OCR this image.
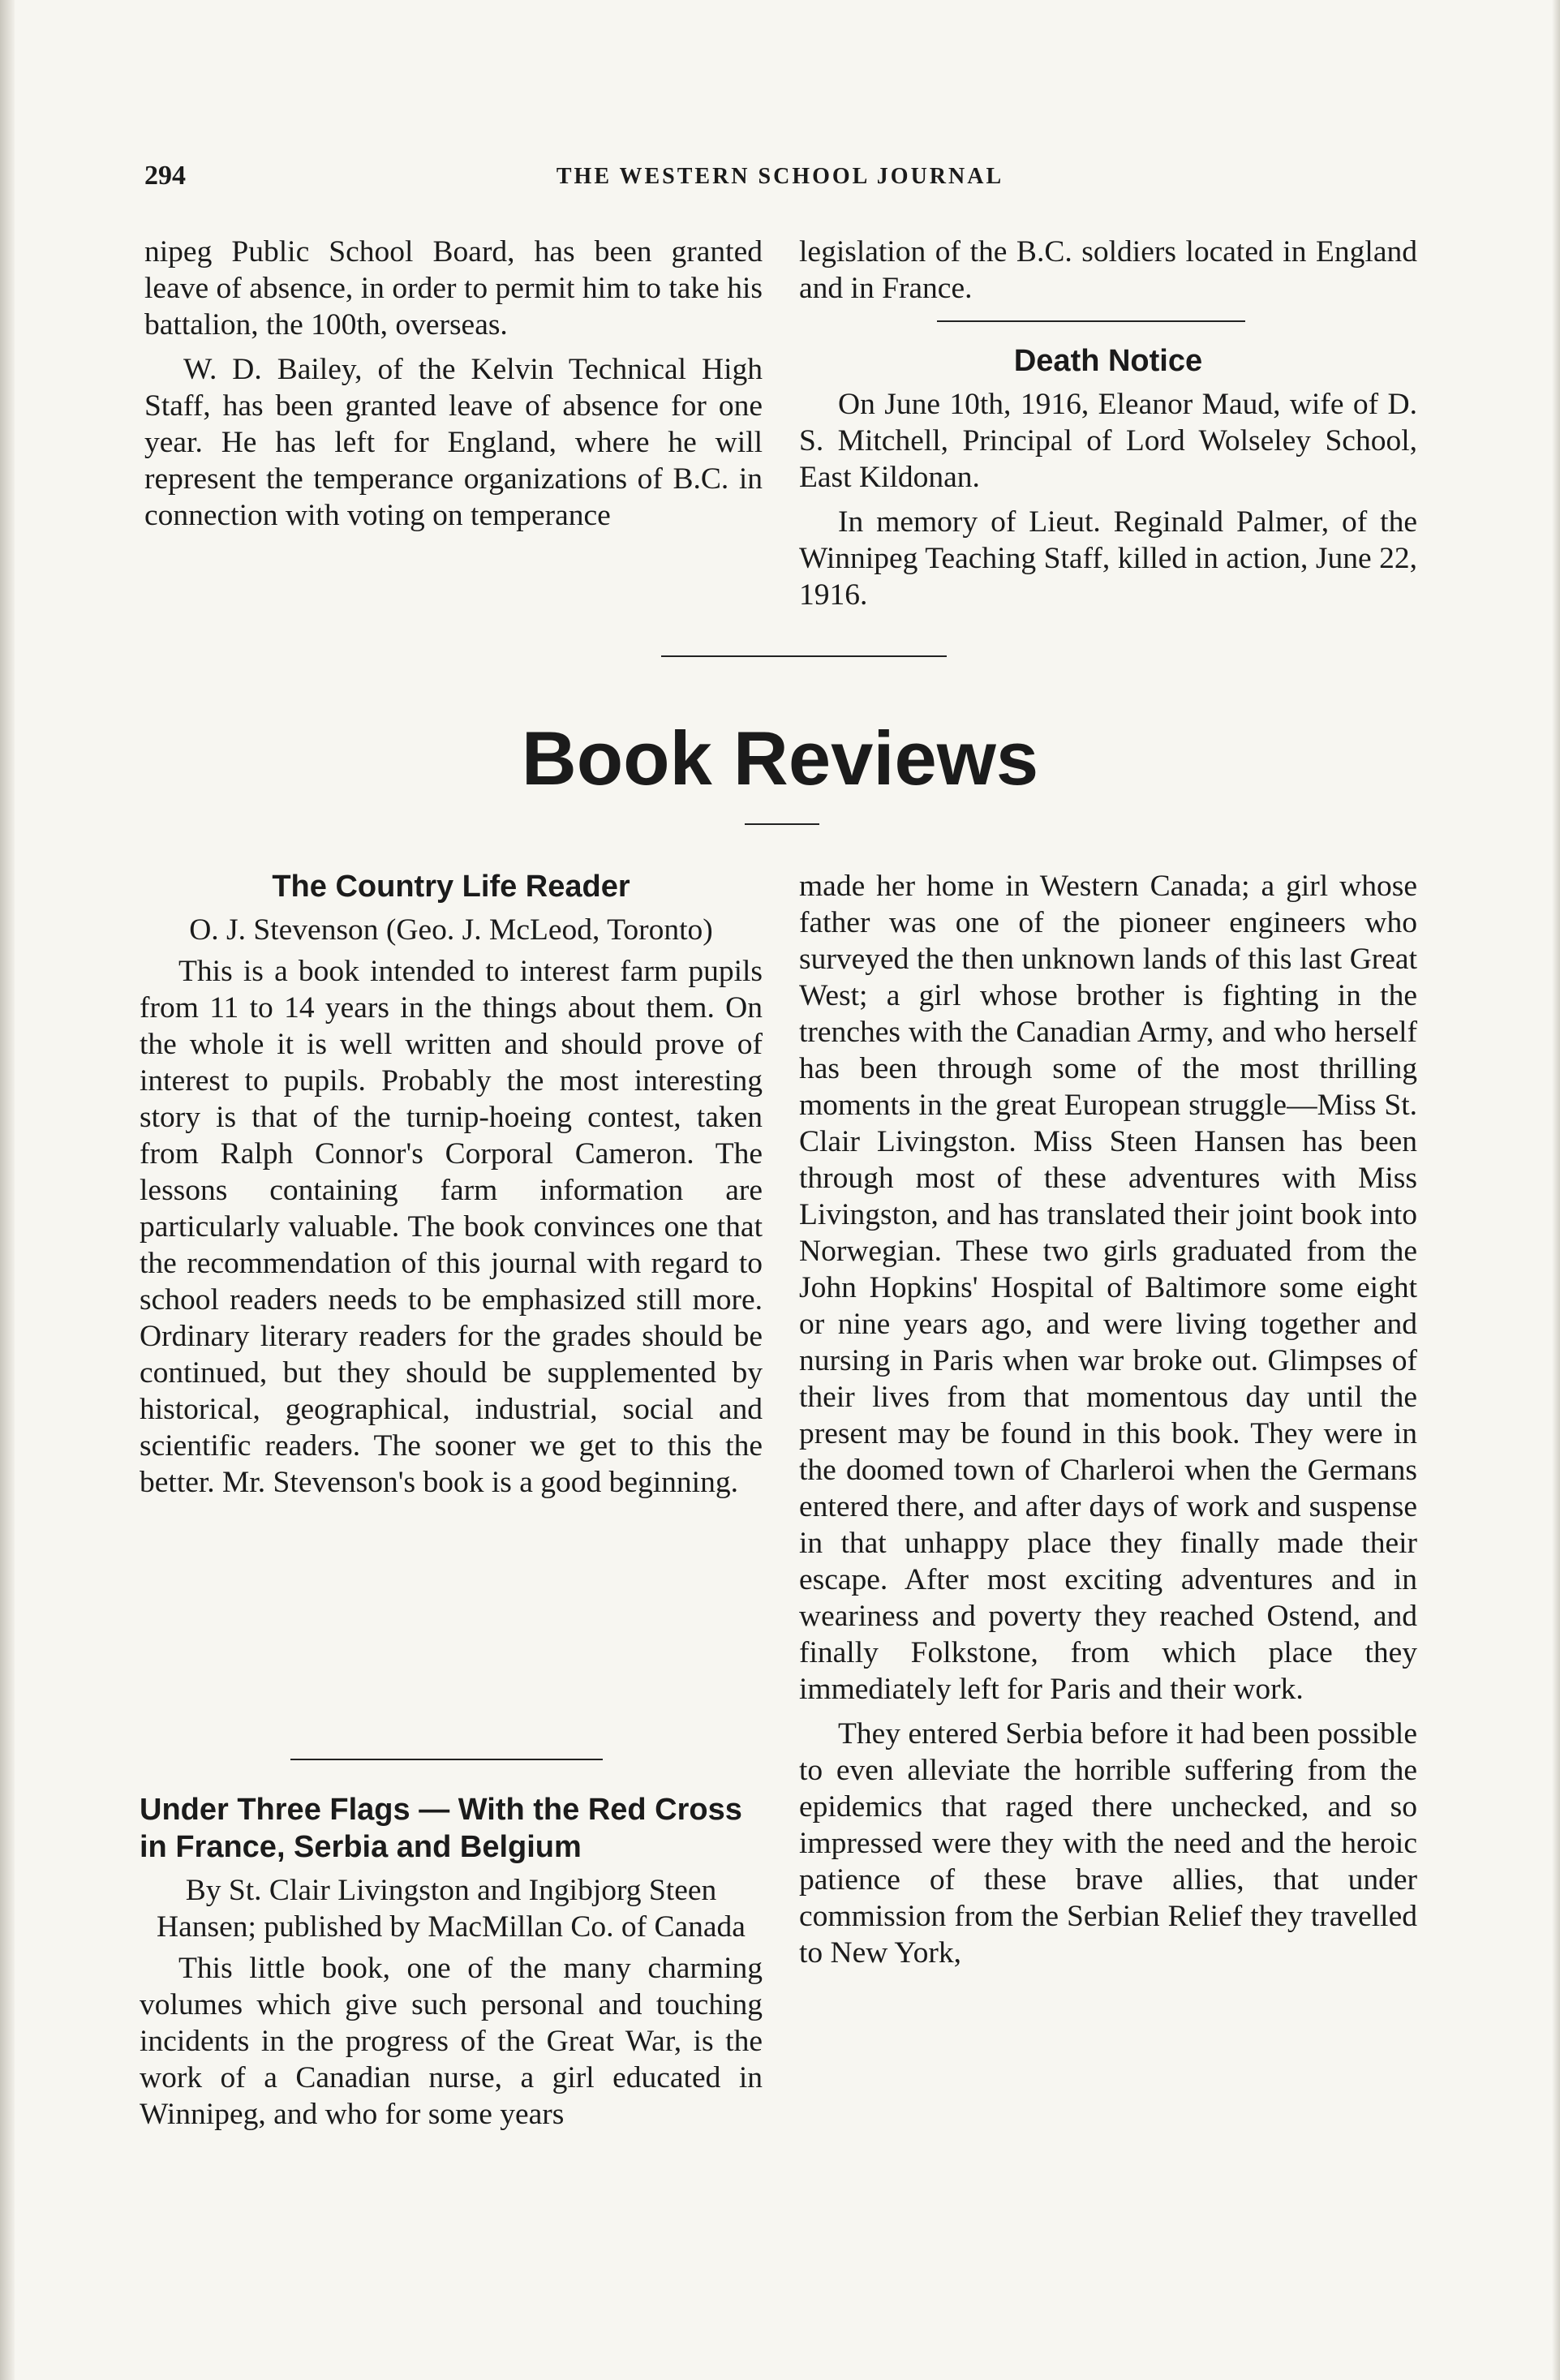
294	THE WESTERN SCHOOL JOURNAL

nipeg Public School Board, has been granted leave of absence, in order to permit him to take his battalion, the 100th, overseas.

W. D. Bailey, of the Kelvin Technical High Staff, has been granted leave of absence for one year. He has left for England, where he will represent the temperance organizations of B.C. in connection with voting on temperance

legislation of the B.C. soldiers located in England and in France.

Death Notice

On June 10th, 1916, Eleanor Maud, wife of D. S. Mitchell, Principal of Lord Wolseley School, East Kildonan.

In memory of Lieut. Reginald Palmer, of the Winnipeg Teaching Staff, killed in action, June 22, 1916.

Book Reviews
The Country Life Reader
O. J. Stevenson (Geo. J. McLeod, Toronto)

This is a book intended to interest farm pupils from 11 to 14 years in the things about them. On the whole it is well written and should prove of interest to pupils. Probably the most interesting story is that of the turnip-hoeing contest, taken from Ralph Connor's Corporal Cameron. The lessons containing farm information are particularly valuable. The book convinces one that the recommendation of this journal with regard to school readers needs to be emphasized still more. Ordinary literary readers for the grades should be continued, but they should be supplemented by historical, geographical, industrial, social and scientific readers. The sooner we get to this the better. Mr. Stevenson's book is a good beginning.

Under Three Flags — With the Red Cross in France, Serbia and Belgium
By St. Clair Livingston and Ingibjorg Steen Hansen; published by MacMillan Co. of Canada

This little book, one of the many charming volumes which give such personal and touching incidents in the progress of the Great War, is the work of a Canadian nurse, a girl educated in Winnipeg, and who for some years

made her home in Western Canada; a girl whose father was one of the pioneer engineers who surveyed the then unknown lands of this last Great West; a girl whose brother is fighting in the trenches with the Canadian Army, and who herself has been through some of the most thrilling moments in the great European struggle—Miss St. Clair Livingston. Miss Steen Hansen has been through most of these adventures with Miss Livingston, and has translated their joint book into Norwegian. These two girls graduated from the John Hopkins' Hospital of Baltimore some eight or nine years ago, and were living together and nursing in Paris when war broke out. Glimpses of their lives from that momentous day until the present may be found in this book. They were in the doomed town of Charleroi when the Germans entered there, and after days of work and suspense in that unhappy place they finally made their escape. After most exciting adventures and in weariness and poverty they reached Ostend, and finally Folkstone, from which place they immediately left for Paris and their work.

They entered Serbia before it had been possible to even alleviate the horrible suffering from the epidemics that raged there unchecked, and so impressed were they with the need and the heroic patience of these brave allies, that under commission from the Serbian Relief they travelled to New York,
